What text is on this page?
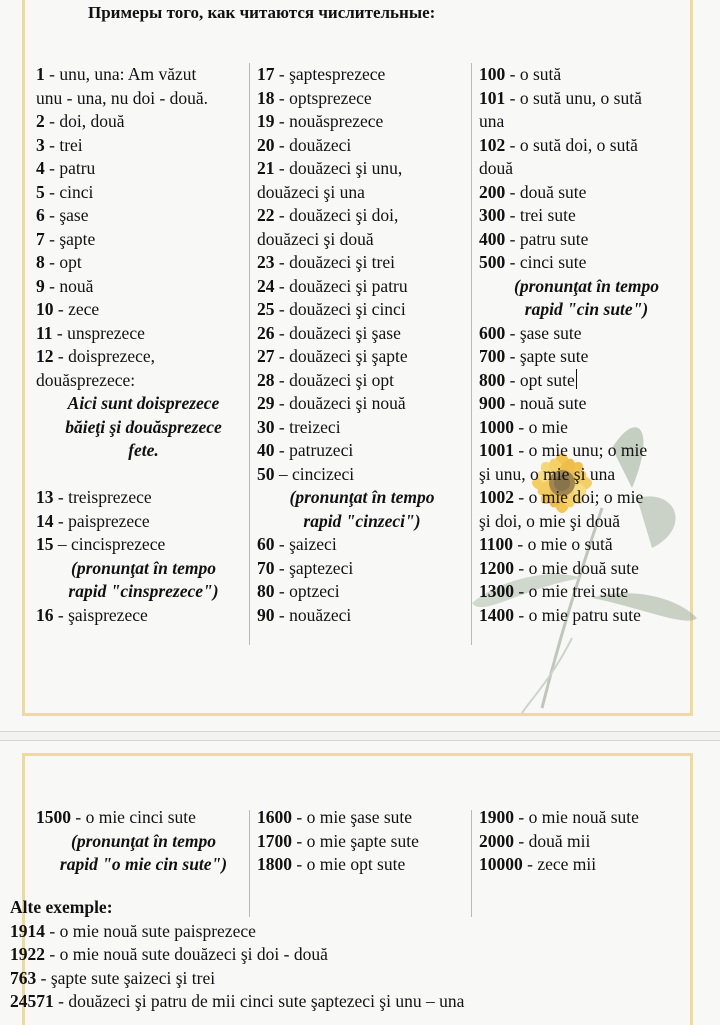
Примеры того, как читаются числительные:
1 - unu, una: Am văzut
unu - una, nu doi - două.
2 - doi, două
3 - trei
4 - patru
5 - cinci
6 - şase
7 - şapte
8 - opt
9 - nouă
10 - zece
11 - unsprezece
12 - doisprezece,
douăsprezece:
Aici sunt doisprezece
băieţi şi douăsprezece
fete.
13 - treisprezece
14 - paisprezece
15 – cincisprezece
(pronunţat în tempo
rapid "cinsprezece")
16 - şaisprezece
17 - şaptesprezece
18 - optsprezece
19 - nouăsprezece
20 - douăzeci
21 - douăzeci şi unu,
douăzeci şi una
22 - douăzeci şi doi,
douăzeci şi două
23 - douăzeci şi trei
24 - douăzeci şi patru
25 - douăzeci şi cinci
26 - douăzeci şi şase
27 - douăzeci şi şapte
28 - douăzeci şi opt
29 - douăzeci şi nouă
30 - treizeci
40 - patruzeci
50 – cincizeci
(pronunţat în tempo
rapid "cinzeci")
60 - şaizeci
70 - şaptezeci
80 - optzeci
90 - nouăzeci
100 - o sută
101 - o sută unu, o sută
una
102 - o sută doi, o sută
două
200 - două sute
300 - trei sute
400 - patru sute
500 - cinci sute
(pronunţat în tempo
rapid "cin sute")
600 - şase sute
700 - şapte sute
800 - opt sute
900 - nouă sute
1000 - o mie
1001 - o mie unu; o mie
şi unu, o mie şi una
1002 - o mie doi; o mie
şi doi, o mie şi două
1100 - o mie o sută
1200 - o mie două sute
1300 - o mie trei sute
1400 - o mie patru sute
1500 - o mie cinci sute
(pronunţat în tempo
rapid "o mie cin sute")
1600 - o mie şase sute
1700 - o mie şapte sute
1800 - o mie opt sute
1900 - o mie nouă sute
2000 - două mii
10000 - zece mii
Alte exemple:
1914 - o mie nouă sute paisprezece
1922 - o mie nouă sute douăzeci şi doi - două
763 - şapte sute şaizeci şi trei
24571 - douăzeci şi patru de mii cinci sute şaptezeci şi unu – una
